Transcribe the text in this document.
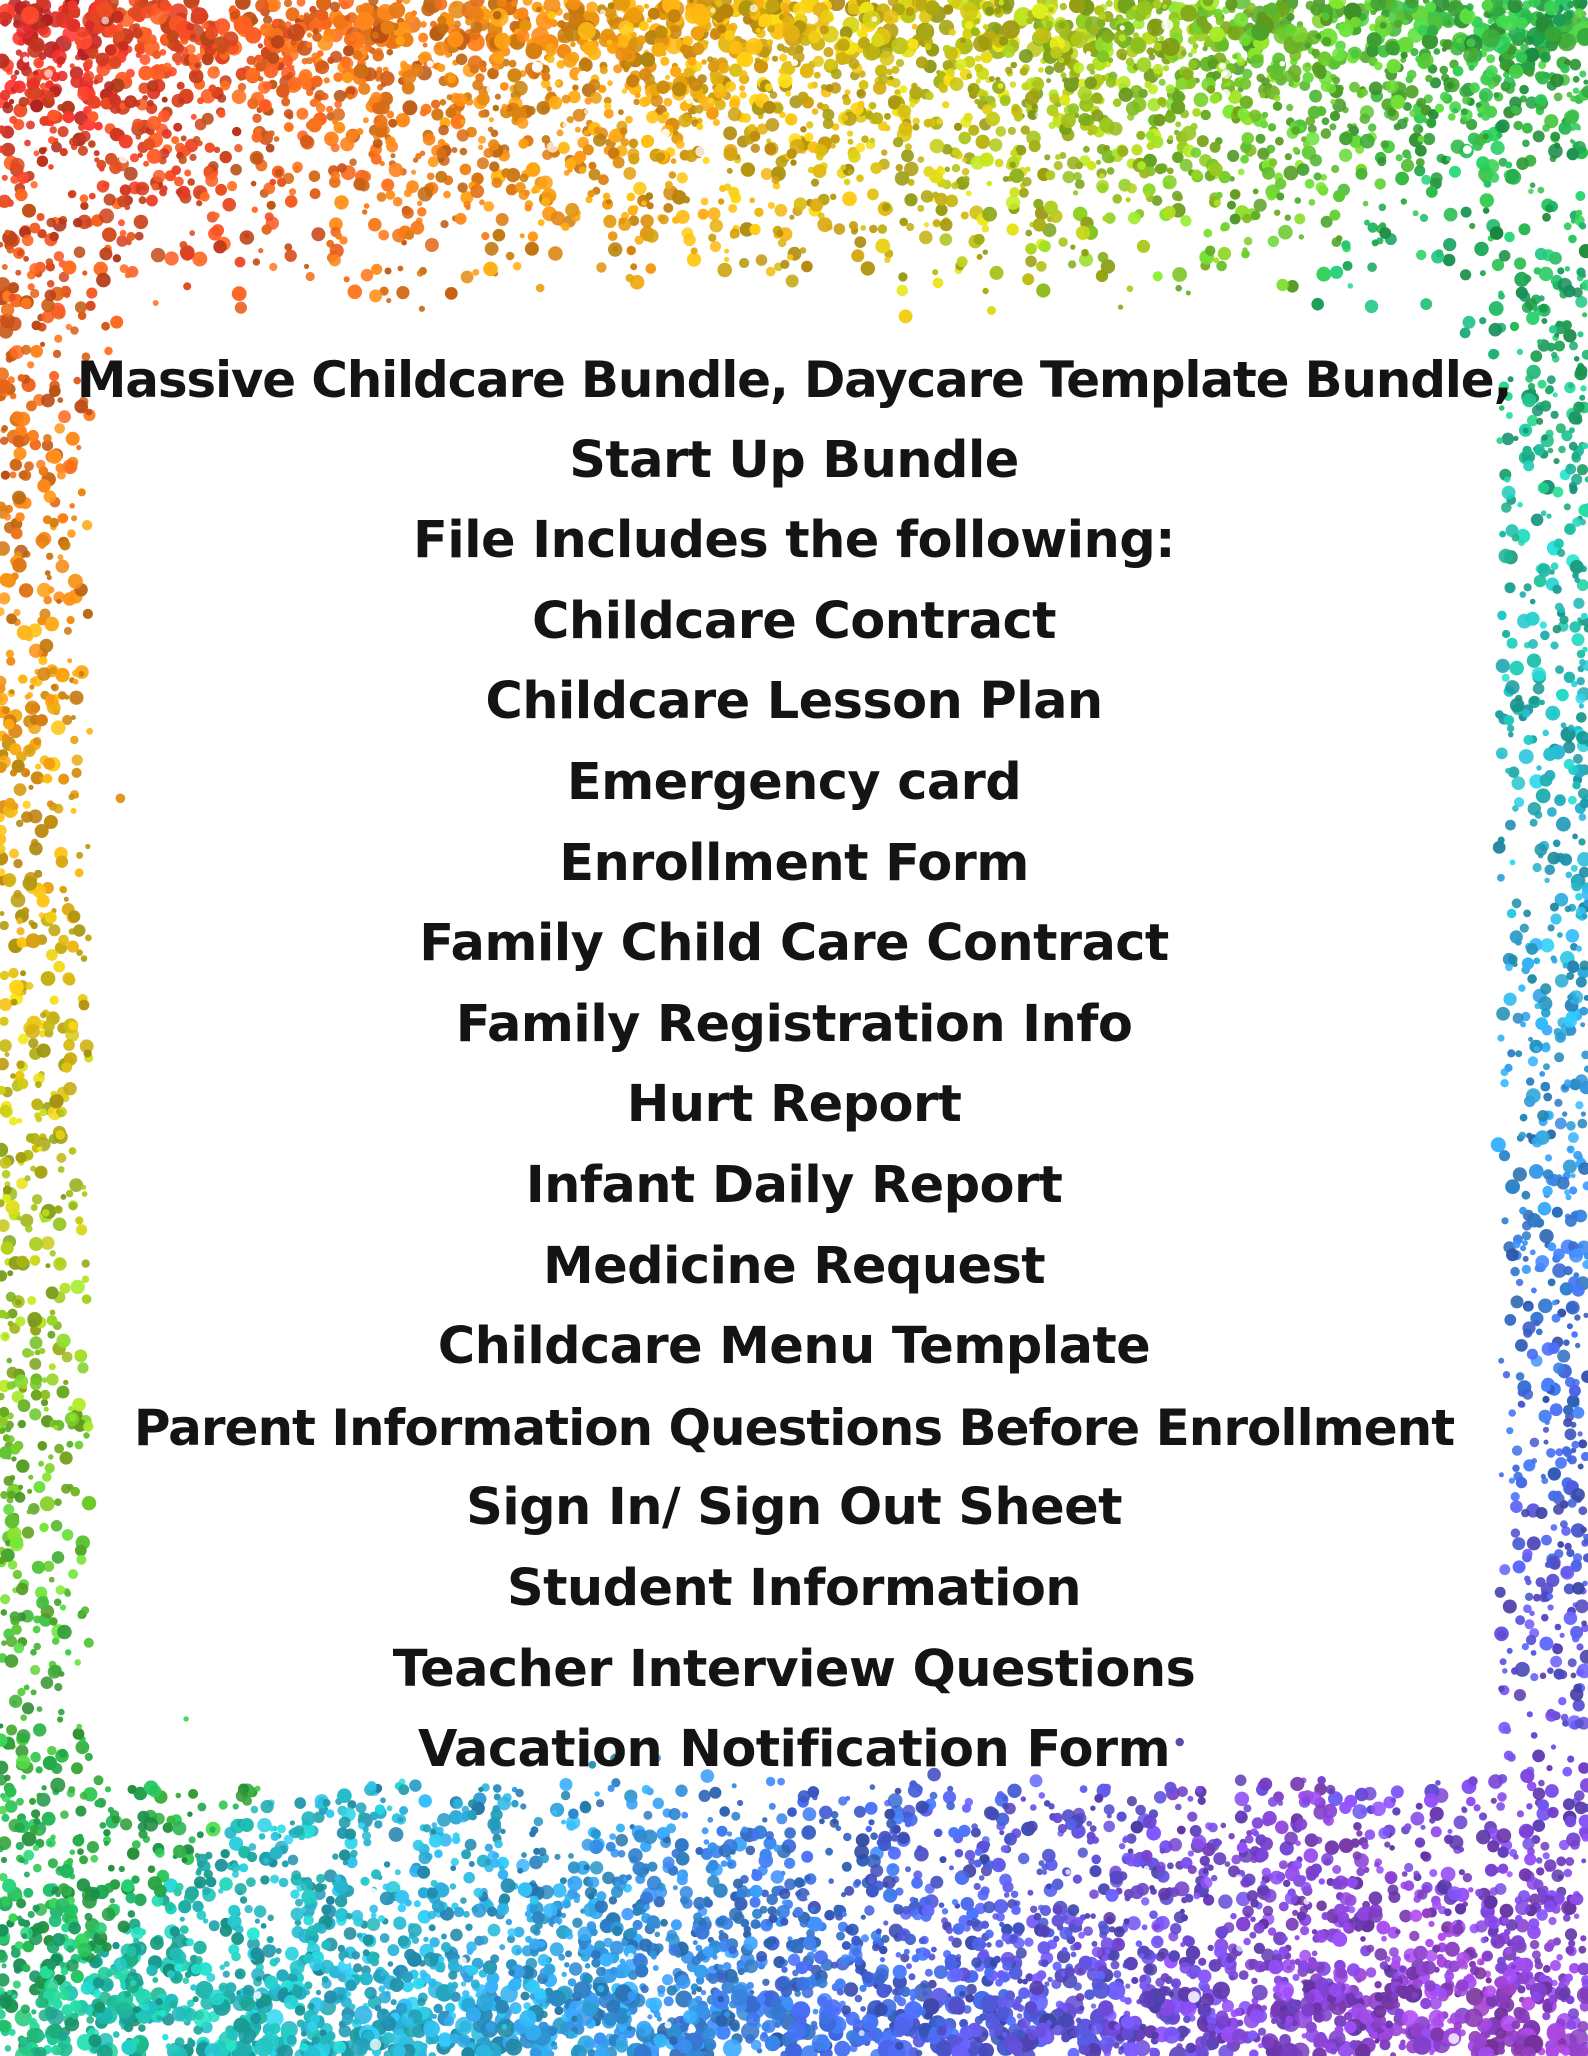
Massive Childcare Bundle, Daycare Template Bundle,
Start Up Bundle
File Includes the following:
Childcare Contract
Childcare Lesson Plan
Emergency card
Enrollment Form
Family Child Care Contract
Family Registration Info
Hurt Report
Infant Daily Report
Medicine Request
Childcare Menu Template
Parent Information Questions Before Enrollment
Sign In/ Sign Out Sheet
Student Information
Teacher Interview Questions
Vacation Notification Form
